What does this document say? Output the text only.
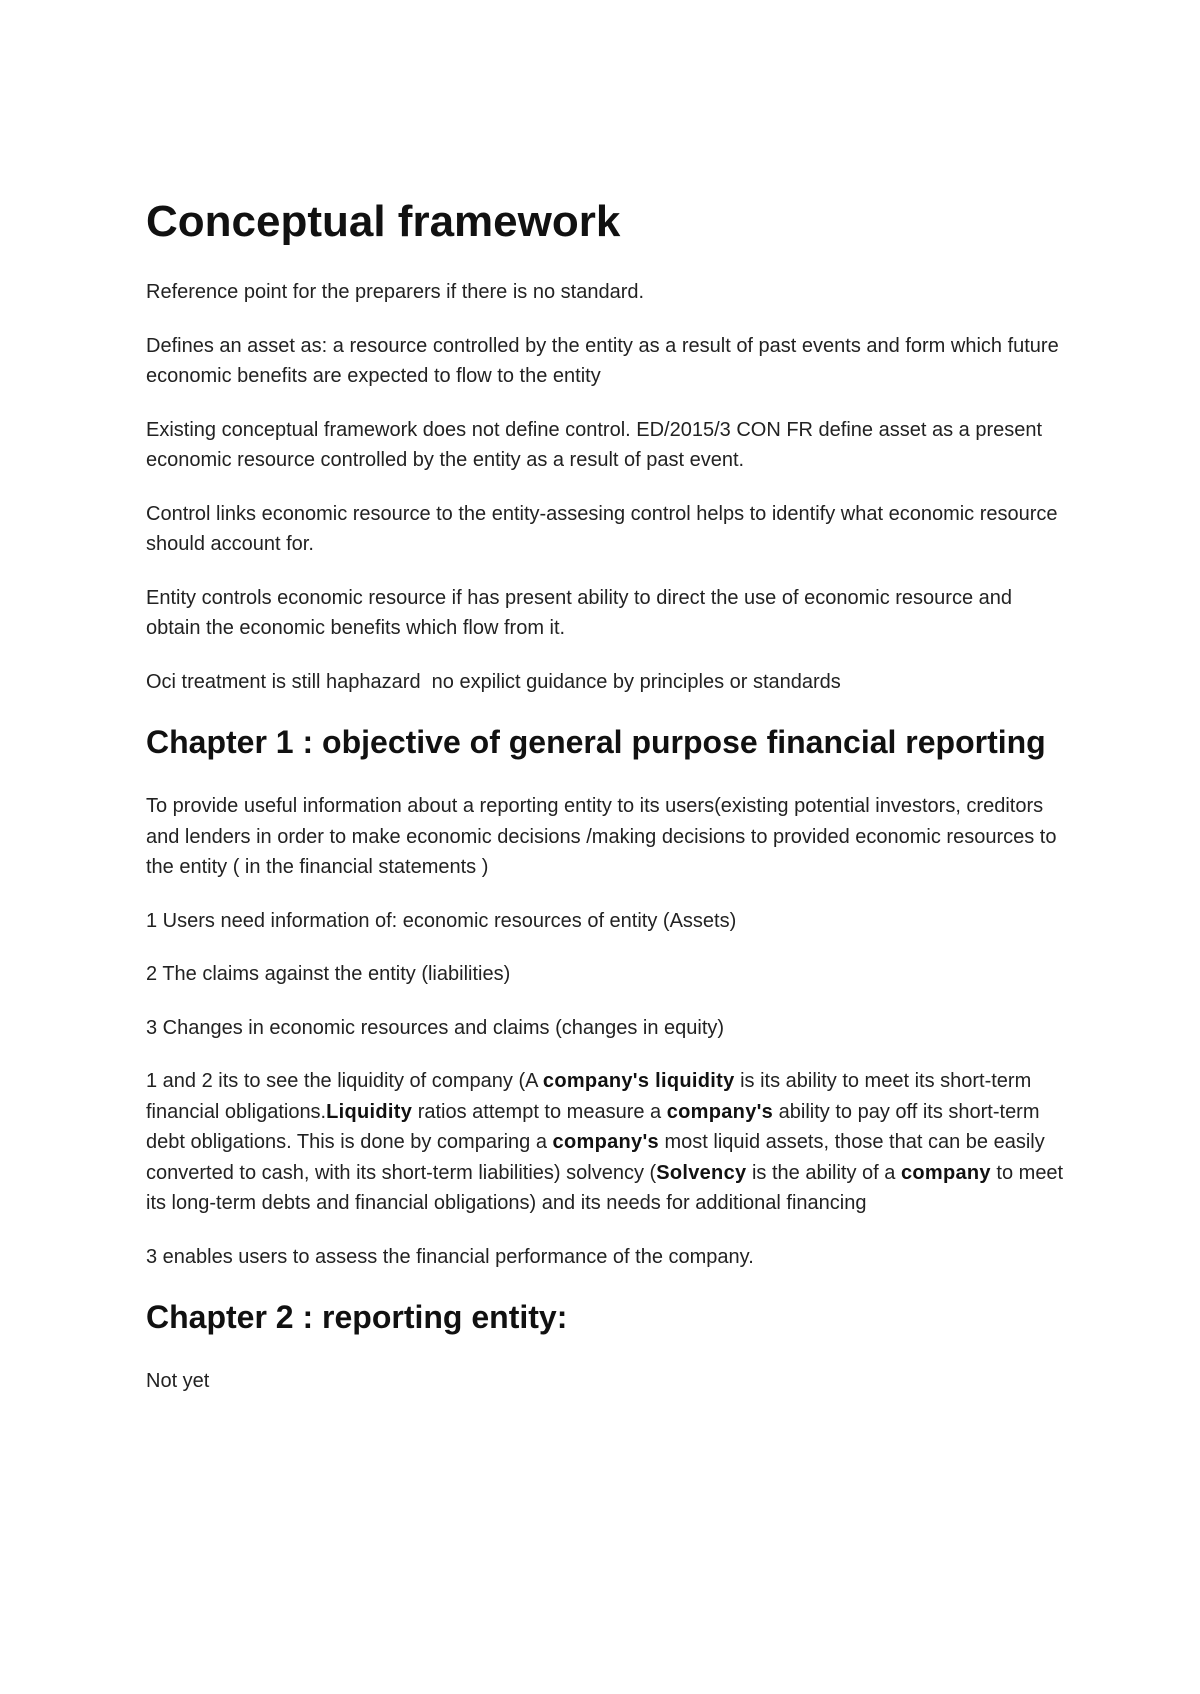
Conceptual framework

Reference point for the preparers if there is no standard.

Defines an asset as: a resource controlled by the entity as a result of past events and form which future economic benefits are expected to flow to the entity

Existing conceptual framework does not define control. ED/2015/3 CON FR define asset as a present economic resource controlled by the entity as a result of past event.

Control links economic resource to the entity-assesing control helps to identify what economic resource should account for.

Entity controls economic resource if has present ability to direct the use of economic resource and obtain the economic benefits which flow from it.

Oci treatment is still haphazard  no expilict guidance by principles or standards

Chapter 1 : objective of general purpose financial reporting

To provide useful information about a reporting entity to its users(existing potential investors, creditors and lenders in order to make economic decisions /making decisions to provided economic resources to the entity ( in the financial statements )

1 Users need information of: economic resources of entity (Assets)

2 The claims against the entity (liabilities)

3 Changes in economic resources and claims (changes in equity)

1 and 2 its to see the liquidity of company (A company's liquidity is its ability to meet its short-term financial obligations.Liquidity ratios attempt to measure a company's ability to pay off its short-term debt obligations. This is done by comparing a company's most liquid assets, those that can be easily converted to cash, with its short-term liabilities) solvency (Solvency is the ability of a company to meet its long-term debts and financial obligations) and its needs for additional financing

3 enables users to assess the financial performance of the company.

Chapter 2 : reporting entity:

Not yet
